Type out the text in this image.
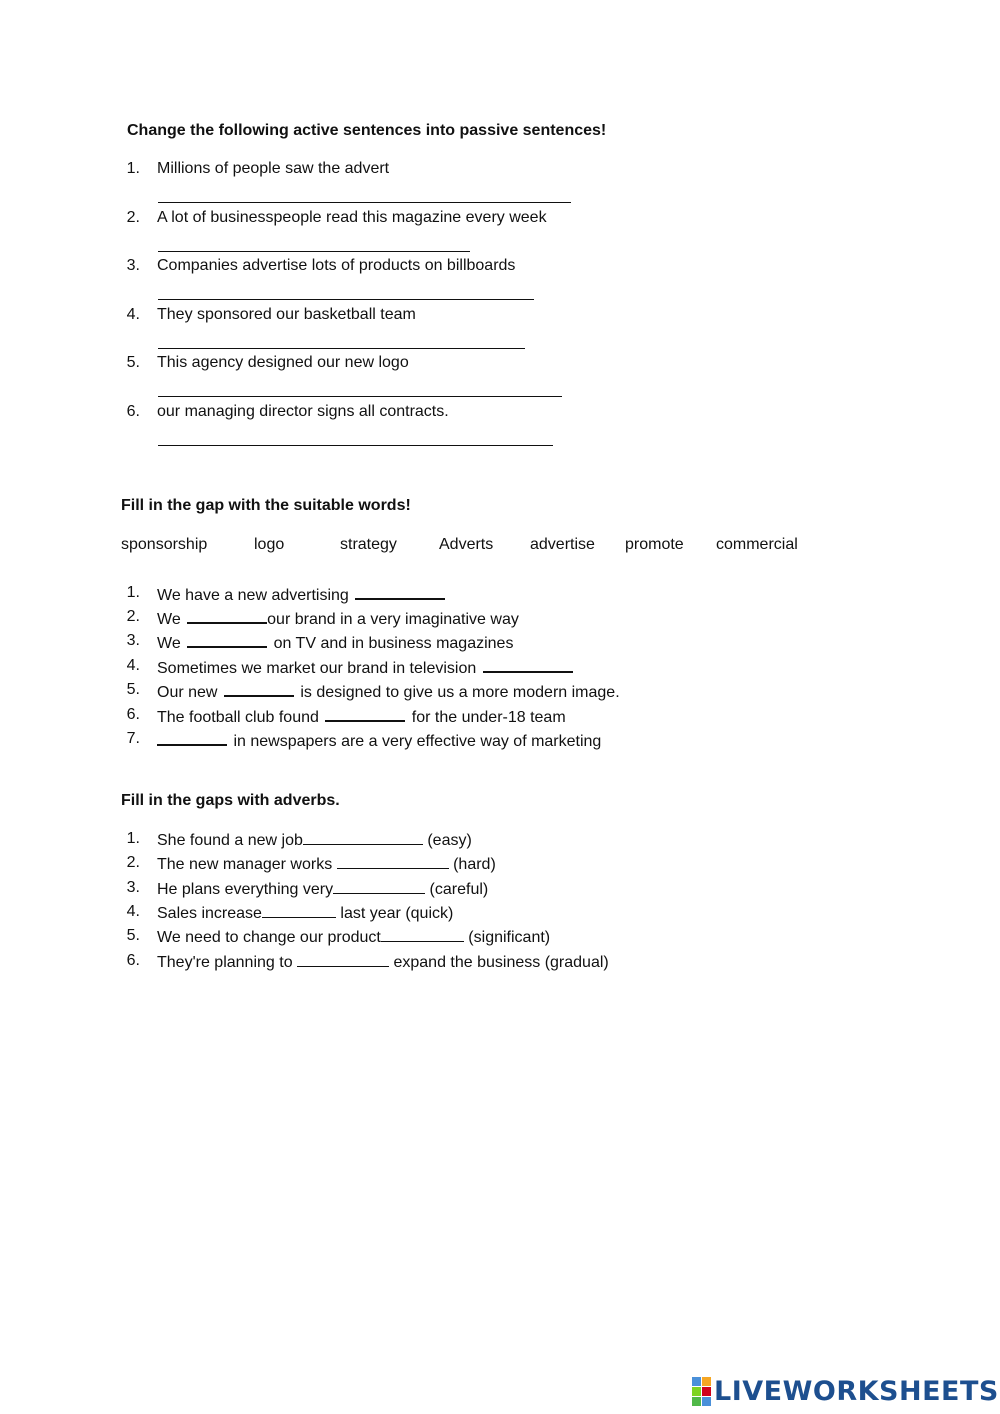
Change the following active sentences into passive sentences!
1. Millions of people saw the advert
2. A lot of businesspeople read this magazine every week
3. Companies advertise lots of products on billboards
4. They sponsored our basketball team
5. This agency designed our new logo
6. our managing director signs all contracts.
Fill in the gap with the suitable words!
sponsorship	logo	strategy	Adverts advertise promote commercial
1. We have a new advertising
2. We	our brand in a very imaginative way
3. We	on TV and in business magazines
4. Sometimes we market our brand in television
5. Our new	is designed to give us a more modern image.
6. The football club found	for the under-18 team
7.	in newspapers are a very effective way of marketing
Fill in the gaps with adverbs.
1. She found a new job	(easy)
2. The new manager works	(hard)
3. He plans everything very	(careful)
4. Sales increase	last year (quick)
5. We need to change our product	(significant)
6. They're planning to	expand the business (gradual)
LIVEWORKSHEETS
